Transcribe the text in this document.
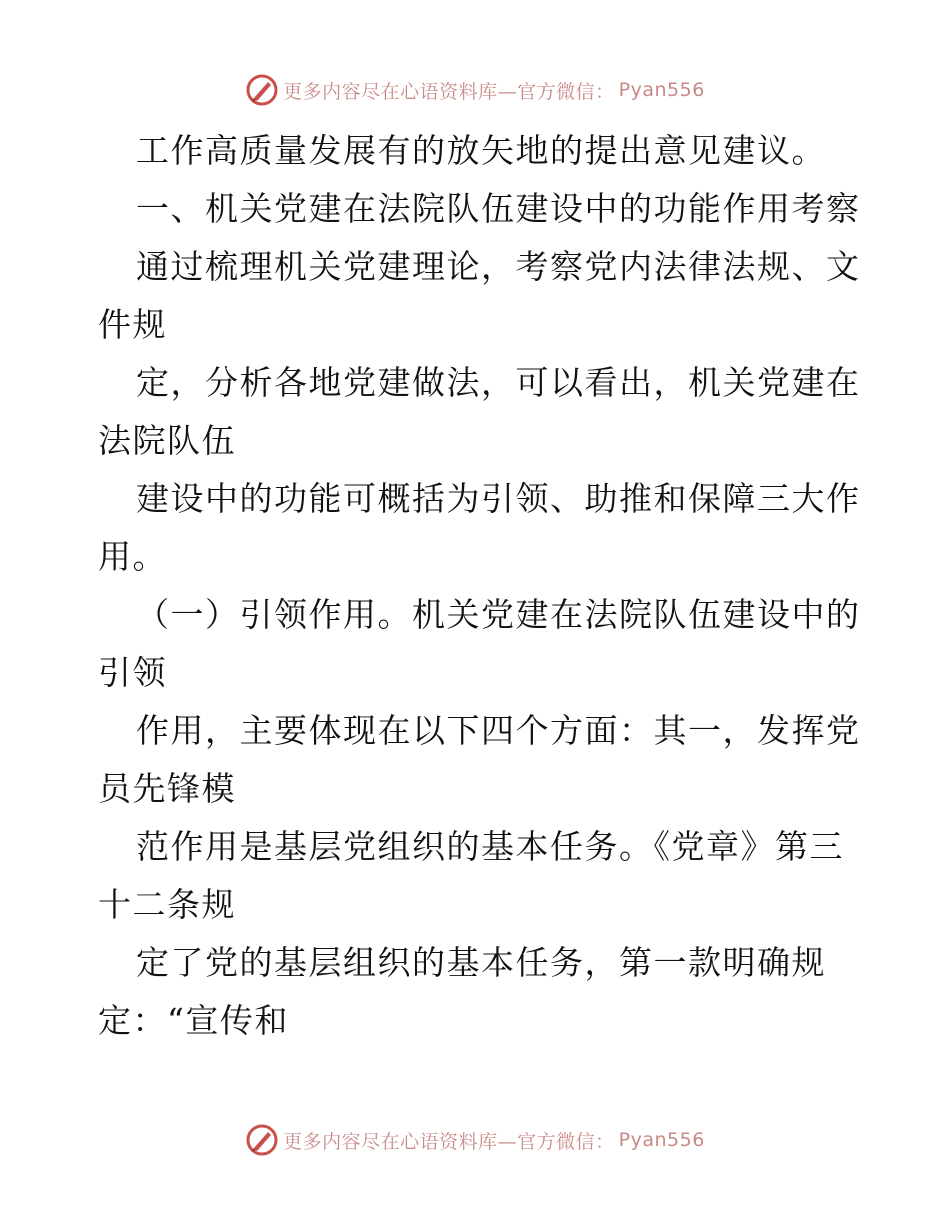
更多内容尽在心语资料库—官方微信： Pyan556
工作高质量发展有的放矢地的提出意见建议。
一、机关党建在法院队伍建设中的功能作用考察
通过梳理机关党建理论，考察党内法律法规、文
件规
定，分析各地党建做法，可以看出，机关党建在
法院队伍
建设中的功能可概括为引领、助推和保障三大作
用。
（一）引领作用。机关党建在法院队伍建设中的
引领
作用，主要体现在以下四个方面：其一，发挥党
员先锋模
范作用是基层党组织的基本任务。《党章》第三
十二条规
定了党的基层组织的基本任务，第一款明确规
定：“宣传和
更多内容尽在心语资料库—官方微信： Pyan556
